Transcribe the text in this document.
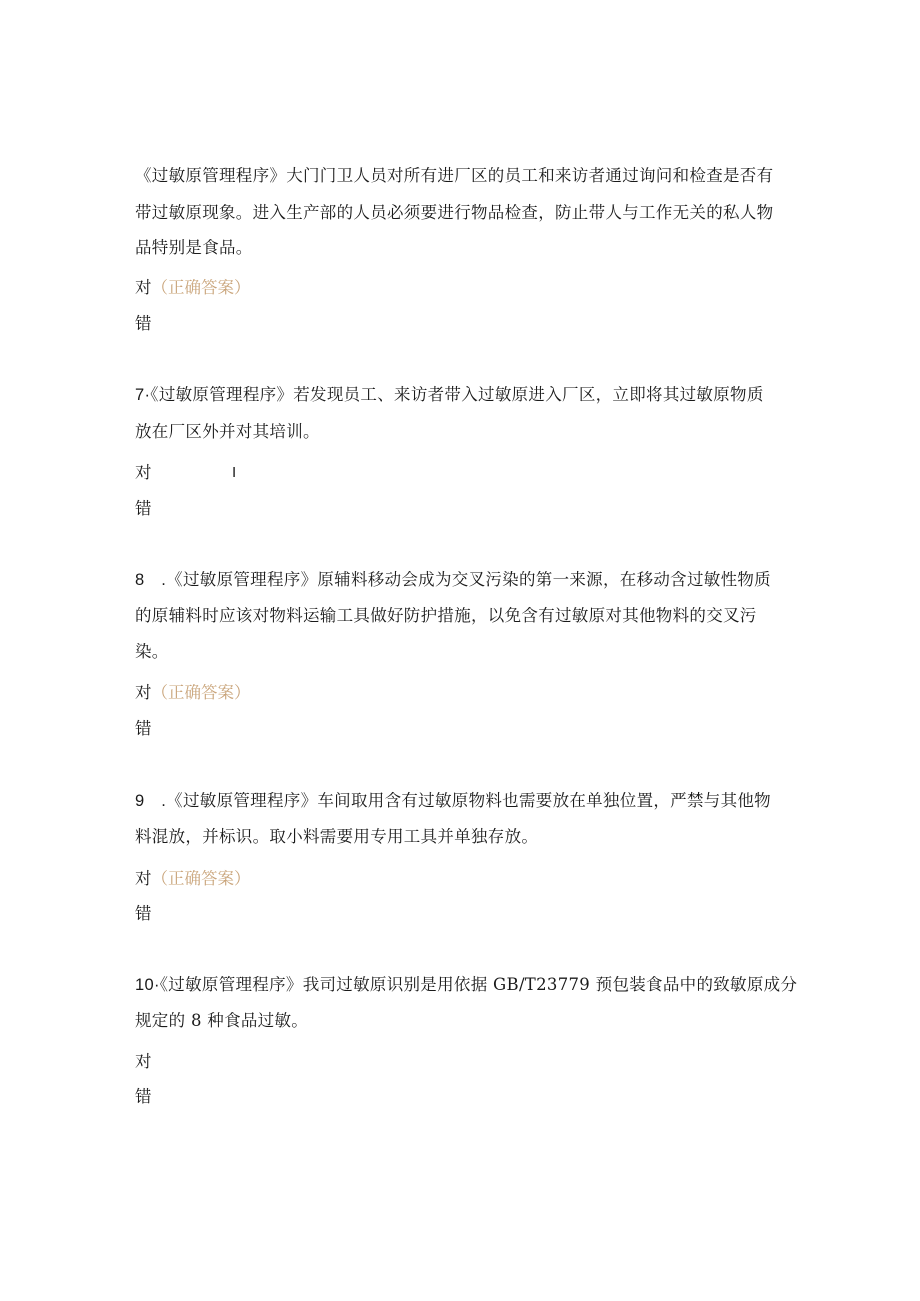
《过敏原管理程序》大门门卫人员对所有进厂区的员工和来访者通过询问和检查是否有
带过敏原现象。进入生产部的人员必须要进行物品检查，防止带人与工作无关的私人物
品特别是食品。
对（正确答案）
错
7·《过敏原管理程序》若发现员工、来访者带入过敏原进入厂区，立即将其过敏原物质
放在厂区外并对其培训。
对	I
错
8　.《过敏原管理程序》原辅料移动会成为交叉污染的第一来源，在移动含过敏性物质
的原辅料时应该对物料运输工具做好防护措施，以免含有过敏原对其他物料的交叉污
染。
对（正确答案）
错
9　.《过敏原管理程序》车间取用含有过敏原物料也需要放在单独位置，严禁与其他物
料混放，并标识。取小料需要用专用工具并单独存放。
对（正确答案）
错
10·《过敏原管理程序》我司过敏原识别是用依据 GB/T23779 预包装食品中的致敏原成分
规定的 8 种食品过敏。
对
错
